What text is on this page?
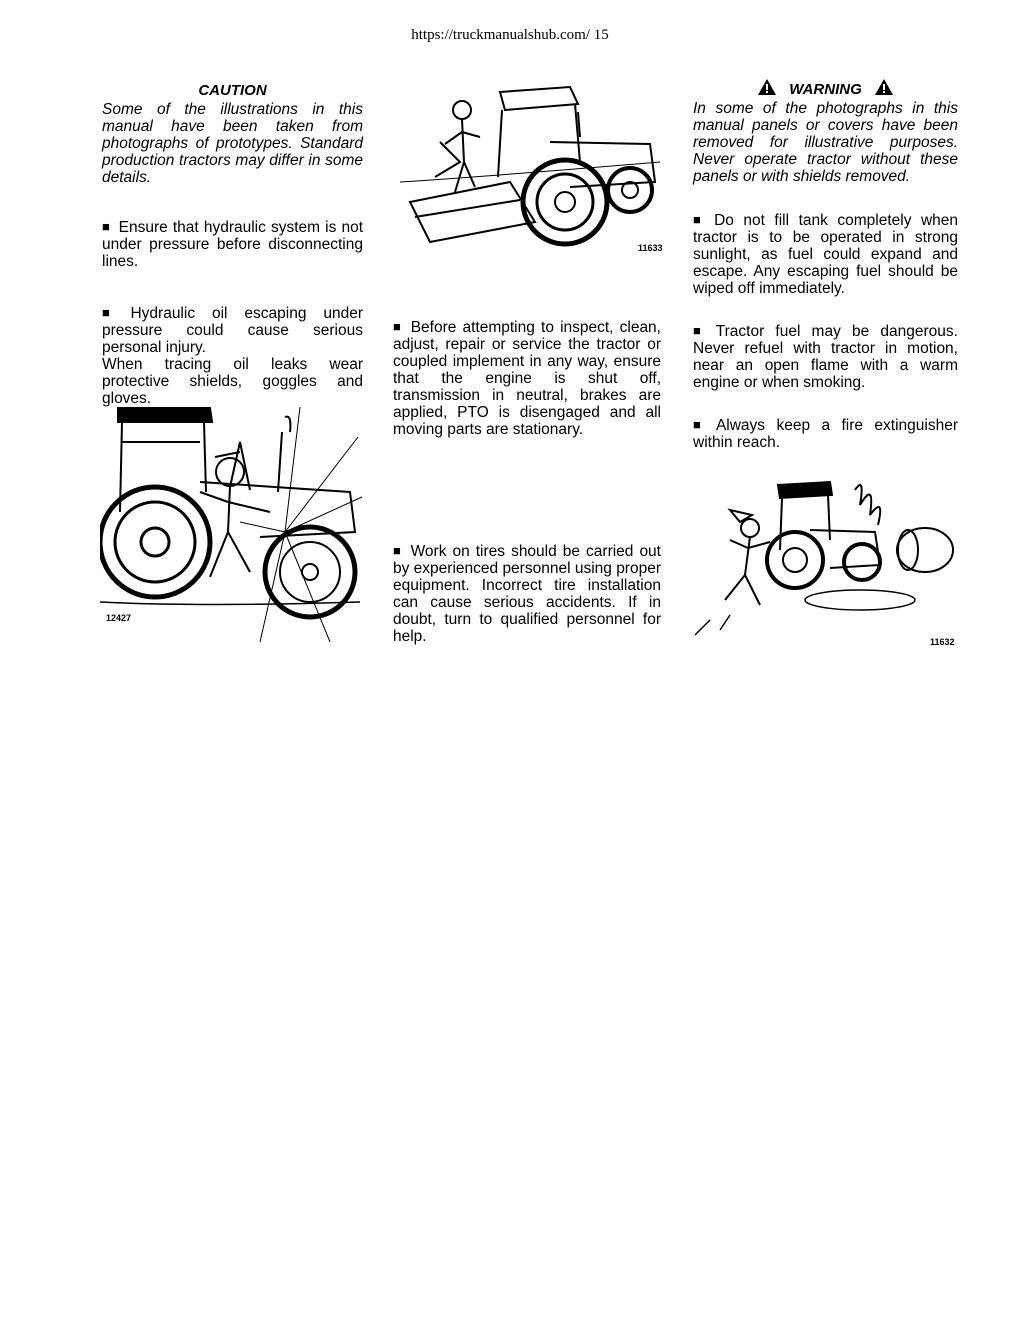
https://truckmanualshub.com/ 15
CAUTION
Some of the illustrations in this manual have been taken from photographs of prototypes. Standard production tractors may differ in some details.
■ Ensure that hydraulic system is not under pressure before disconnecting lines.
■ Hydraulic oil escaping under pressure could cause serious personal injury.
When tracing oil leaks wear protective shields, goggles and gloves.
12427
11633
■ Before attempting to inspect, clean, adjust, repair or service the tractor or coupled implement in any way, ensure that the engine is shut off, transmission in neutral, brakes are applied, PTO is disengaged and all moving parts are stationary.
■ Work on tires should be carried out by experienced personnel using proper equipment. Incorrect tire installation can cause serious accidents. If in doubt, turn to qualified personnel for help.
WARNING
In some of the photographs in this manual panels or covers have been removed for illustrative purposes. Never operate tractor without these panels or with shields removed.
■ Do not fill tank completely when tractor is to be operated in strong sunlight, as fuel could expand and escape. Any escaping fuel should be wiped off immediately.
■ Tractor fuel may be dangerous. Never refuel with tractor in motion, near an open flame with a warm engine or when smoking.
■ Always keep a fire extinguisher within reach.
11632
